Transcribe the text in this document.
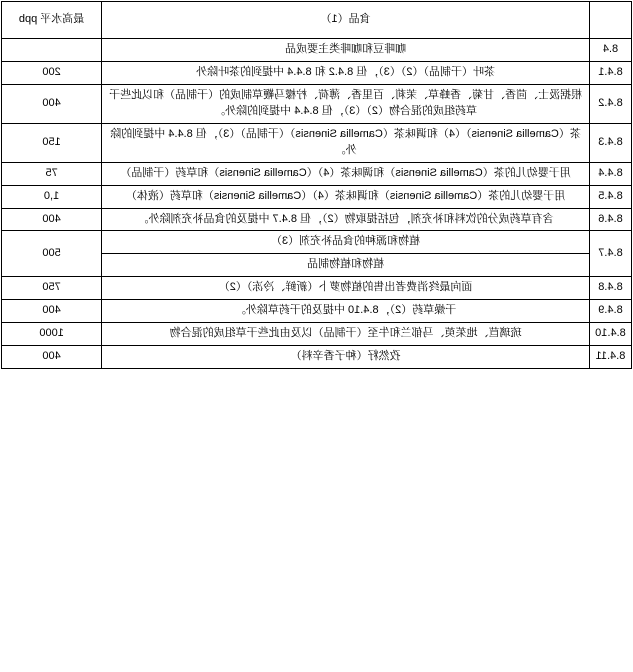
	食品（1）	最高水平 ppb
8.4	咖啡豆和咖啡类主要成品	
8.4.1	茶叶（干制品）（2）（3），但 8.4.2 和 8.4.4 中提到的茶叶除外	200
8.4.2	根据汲士、茴香、甘菊、香蜂草、茉莉、百里香、薄荷、柠檬马鞭草制成的（干制品）和以此些干草药组成的混合物（2）（3），但 8.4.4 中提到的除外。	400
8.4.3	茶（Camellia Sinensis）（4）和调味茶（Camellia Sinensis）（干制品）（3），但 8.4.4 中提到的除外。	150
8.4.4	用于婴幼儿的茶（Camellia Sinensis）和调味茶（4）（Camellia Sinensis）和草药（干制品）	75
8.4.5	用于婴幼儿的茶（Camellia Sinensis）和调味茶（4）（Camellia Sinensis）和草药（液体）	1,0
8.4.6	含有草药成分的饮料和补充剂，包括提取物（2），但 8.4.7 中提及的食品补充剂除外。	400
8.4.7	植物和源种的食品补充剂（3）	500
	植物和植物制品	
8.4.8	面向最终消费者出售的植物萝卜（新鲜、冷冻）（2）	750
8.4.9	干燥草药（2），8.4.10 中提及的干药草除外。	400
8.4.10	琉璃苣、地茱萸、马郁兰和牛至（干制品）以及由此些干草组成的混合物	1000
8.4.11	孜然籽（种子香辛料）	400
